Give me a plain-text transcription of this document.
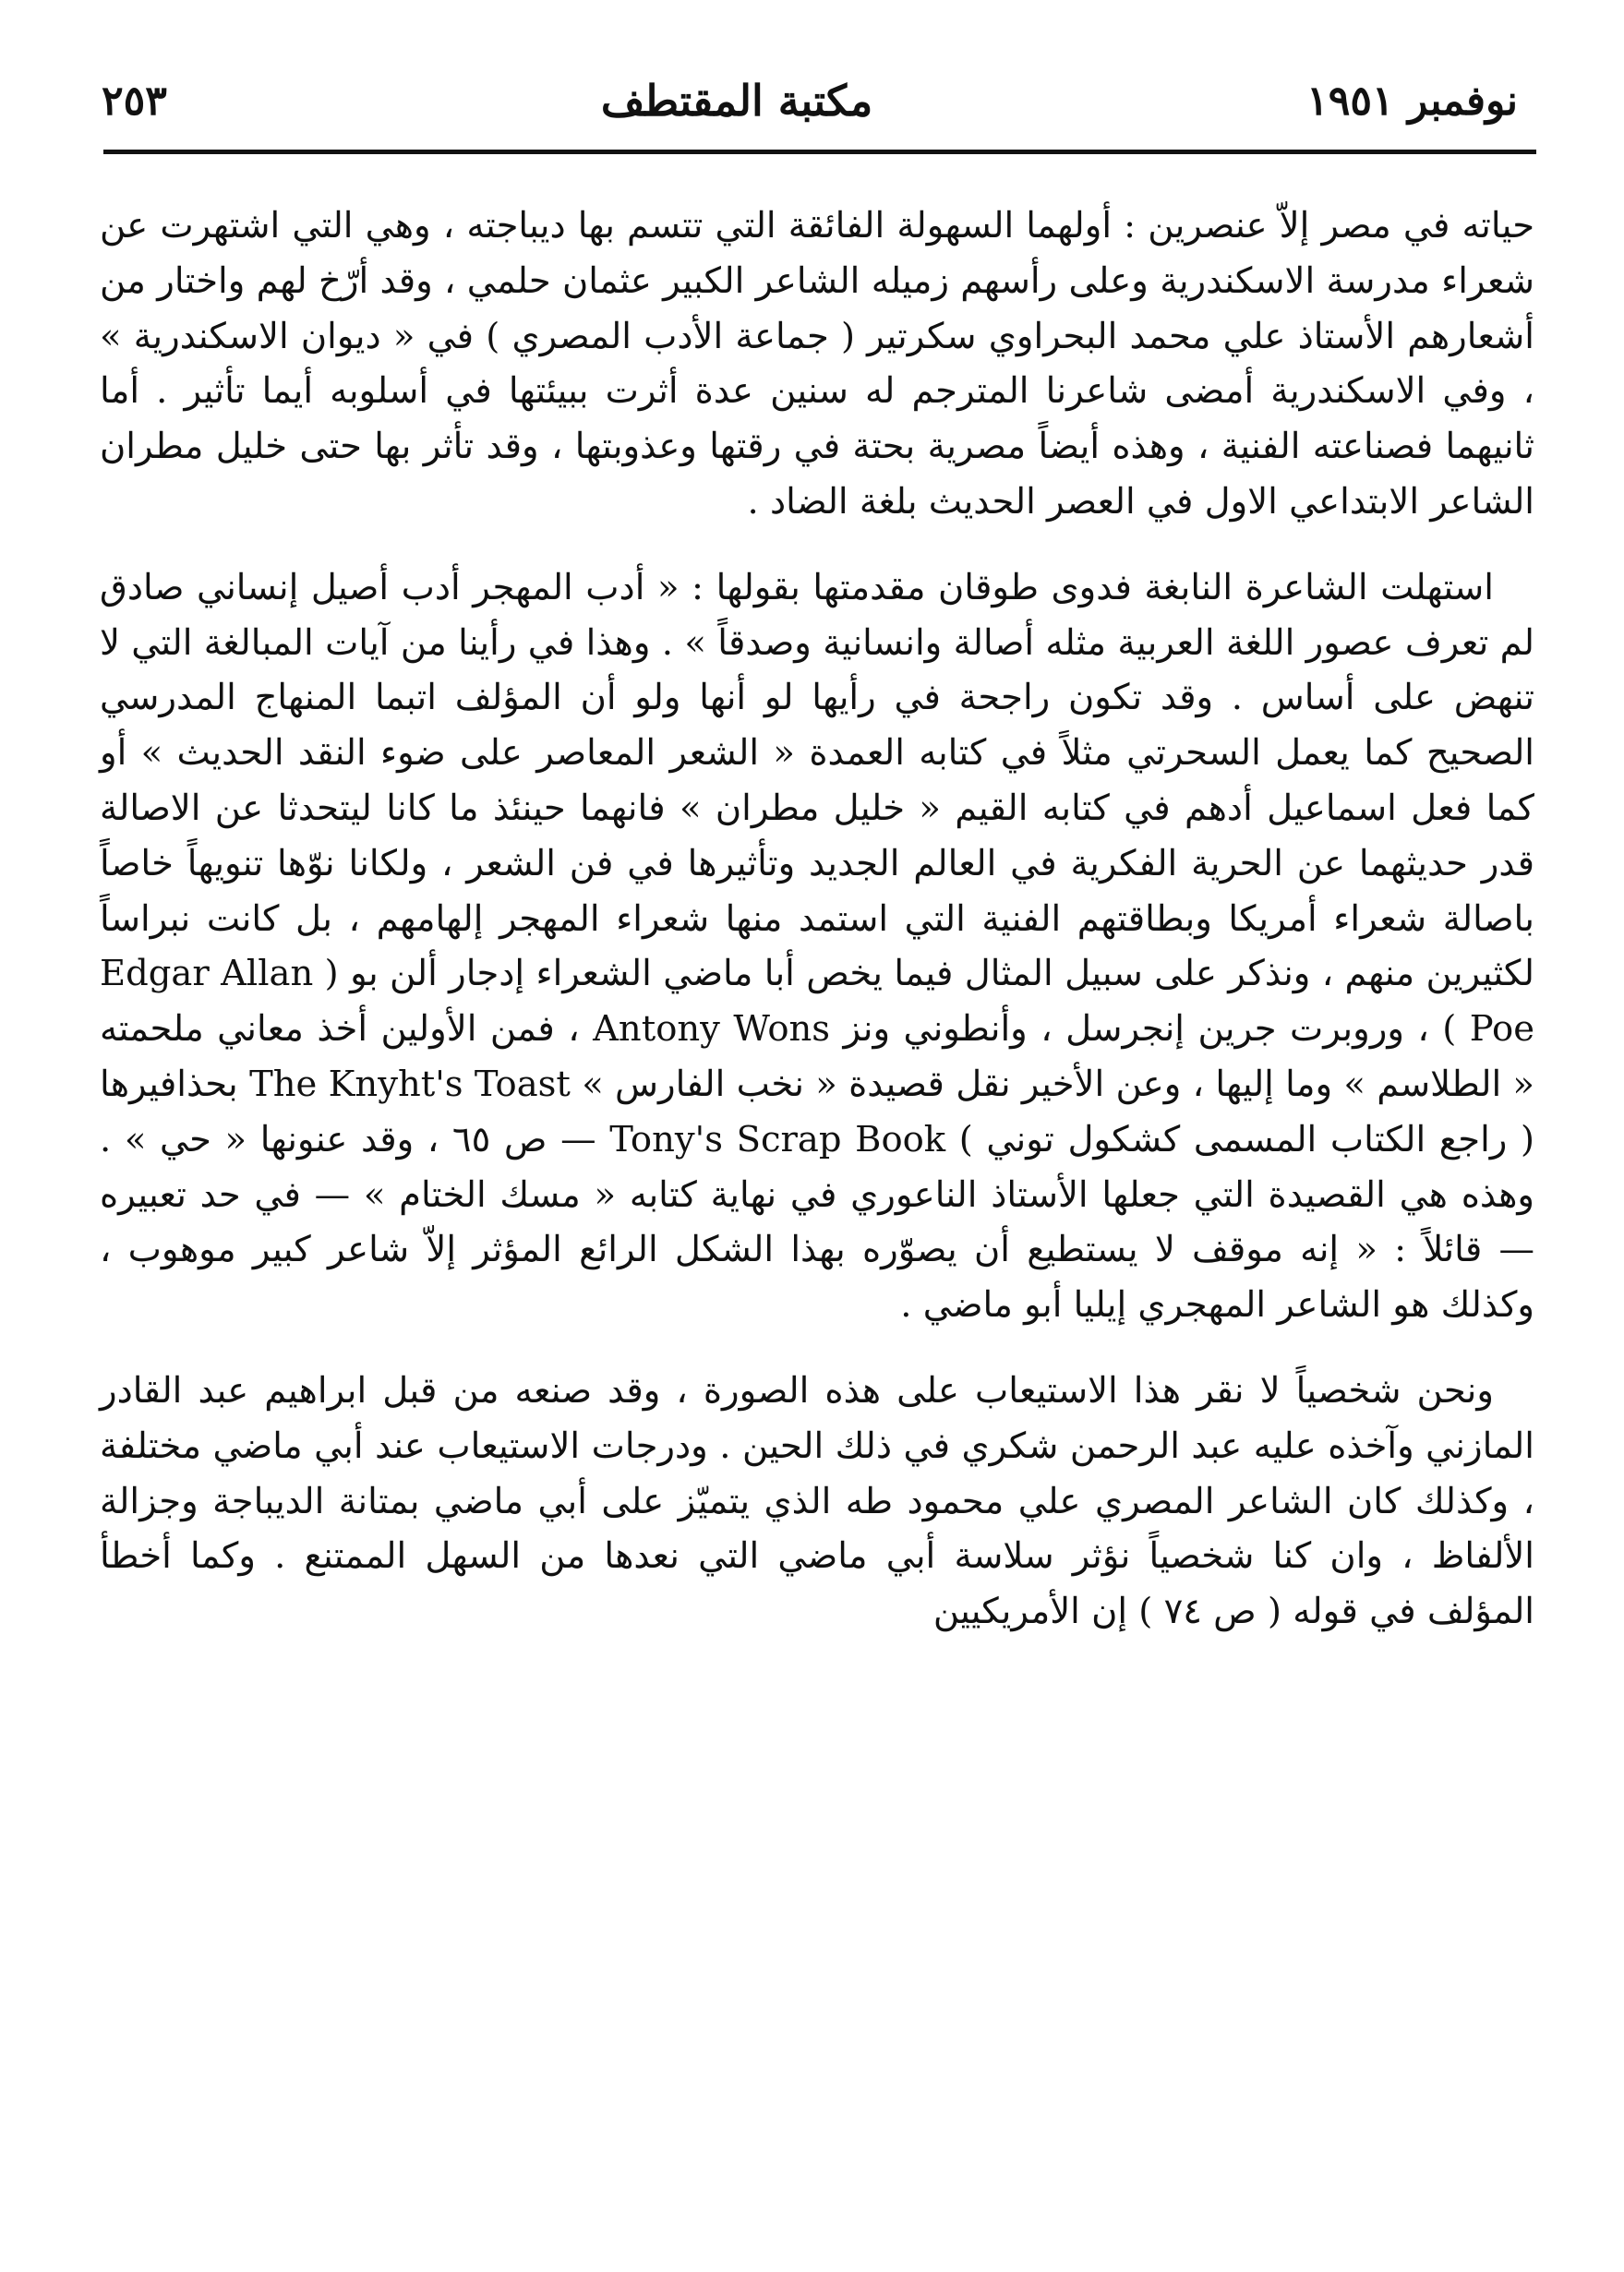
نوفمبر ١٩٥١
مكتبة المقتطف
٢٥٣

حياته في مصر إلاّ عنصرين : أولهما السهولة الفائقة التي تتسم بها ديباجته ، وهي التي اشتهرت عن شعراء مدرسة الاسكندرية وعلى رأسهم زميله الشاعر الكبير عثمان حلمي ، وقد أرّخ لهم واختار من أشعارهم الأستاذ علي محمد البحراوي سكرتير ( جماعة الأدب المصري ) في « ديوان الاسكندرية » ، وفي الاسكندرية أمضى شاعرنا المترجم له سنين عدة أثرت ببيئتها في أسلوبه أيما تأثير . أما ثانيهما فصناعته الفنية ، وهذه أيضاً مصرية بحتة في رقتها وعذوبتها ، وقد تأثر بها حتى خليل مطران الشاعر الابتداعي الاول في العصر الحديث بلغة الضاد .

استهلت الشاعرة النابغة فدوى طوقان مقدمتها بقولها : « أدب المهجر أدب أصيل إنساني صادق لم تعرف عصور اللغة العربية مثله أصالة وانسانية وصدقاً » . وهذا في رأينا من آيات المبالغة التي لا تنهض على أساس . وقد تكون راجحة في رأيها لو أنها ولو أن المؤلف اتبما المنهاج المدرسي الصحيح كما يعمل السحرتي مثلاً في كتابه العمدة « الشعر المعاصر على ضوء النقد الحديث » أو كما فعل اسماعيل أدهم في كتابه القيم « خليل مطران » فانهما حينئذ ما كانا ليتحدثا عن الاصالة قدر حديثهما عن الحرية الفكرية في العالم الجديد وتأثيرها في فن الشعر ، ولكانا نوّها تنويهاً خاصاً باصالة شعراء أمريكا وبطاقتهم الفنية التي استمد منها شعراء المهجر إلهامهم ، بل كانت نبراساً لكثيرين منهم ، ونذكر على سبيل المثال فيما يخص أبا ماضي الشعراء إدجار ألن بو ( Edgar Allan Poe ) ، وروبرت جرين إنجرسل ، وأنطوني ونز Antony Wons ، فمن الأولين أخذ معاني ملحمته « الطلاسم » وما إليها ، وعن الأخير نقل قصيدة « نخب الفارس » The Knyht's Toast بحذافيرها ( راجع الكتاب المسمى كشكول توني ) Tony's Scrap Book — ص ٦٥ ، وقد عنونها « حي » . وهذه هي القصيدة التي جعلها الأستاذ الناعوري في نهاية كتابه « مسك الختام » — في حد تعبيره — قائلاً : « إنه موقف لا يستطيع أن يصوّره بهذا الشكل الرائع المؤثر إلاّ شاعر كبير موهوب ، وكذلك هو الشاعر المهجري إيليا أبو ماضي .

ونحن شخصياً لا نقر هذا الاستيعاب على هذه الصورة ، وقد صنعه من قبل ابراهيم عبد القادر المازني وآخذه عليه عبد الرحمن شكري في ذلك الحين . ودرجات الاستيعاب عند أبي ماضي مختلفة ، وكذلك كان الشاعر المصري علي محمود طه الذي يتميّز على أبي ماضي بمتانة الديباجة وجزالة الألفاظ ، وان كنا شخصياً نؤثر سلاسة أبي ماضي التي نعدها من السهل الممتنع . وكما أخطأ المؤلف في قوله ( ص ٧٤ ) إن الأمريكيين
